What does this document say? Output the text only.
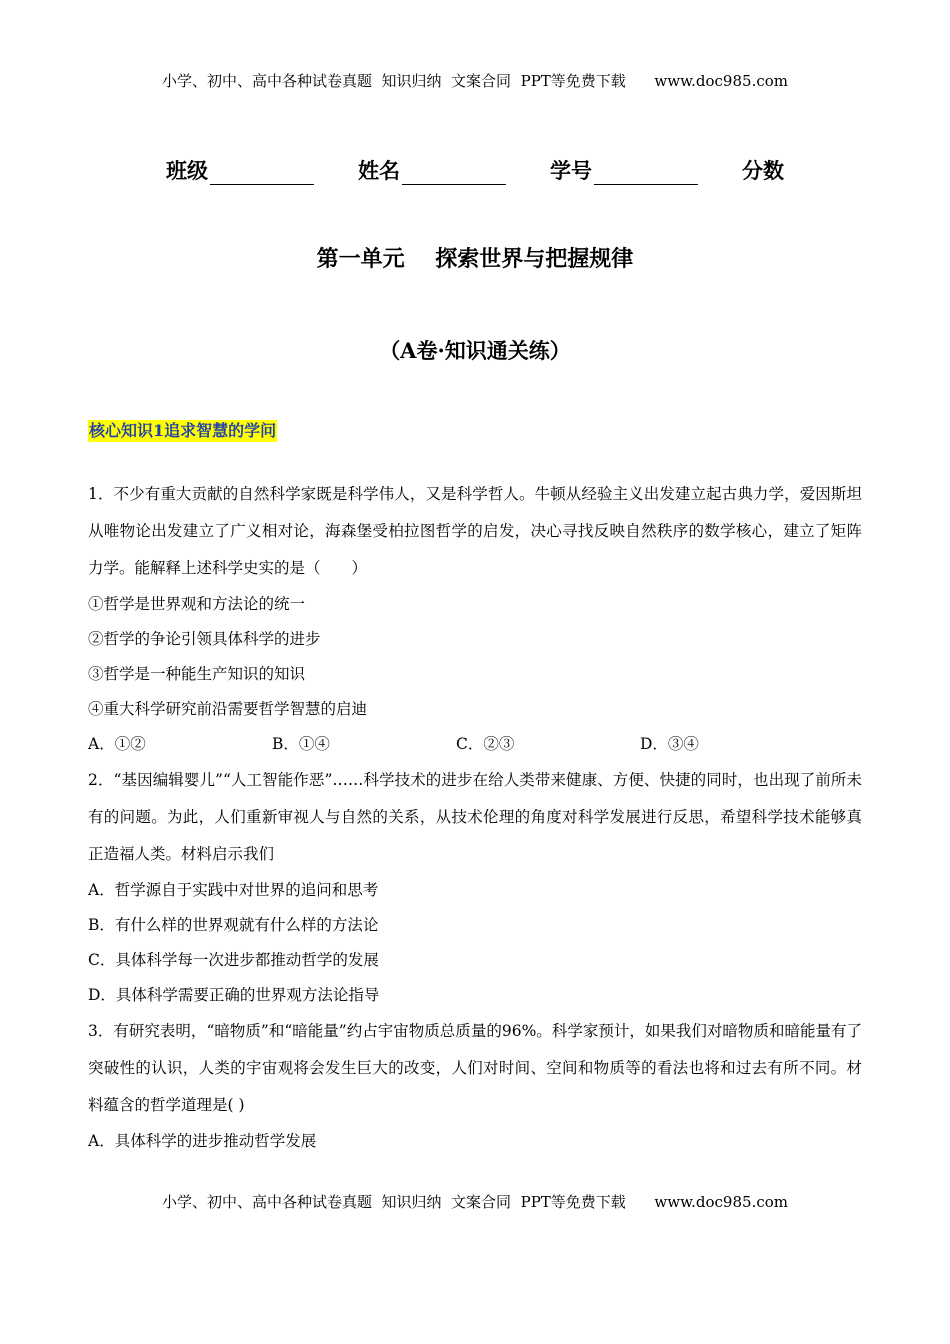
小学、初中、高中各种试卷真题  知识归纳  文案合同  PPT等免费下载      www.doc985.com
班级	姓名	学号	分数
第一单元    探索世界与把握规律
（A卷·知识通关练）
核心知识1追求智慧的学问

1．不少有重大贡献的自然科学家既是科学伟人，又是科学哲人。牛顿从经验主义出发建立起古典力学，爱因斯坦从唯物论出发建立了广义相对论，海森堡受柏拉图哲学的启发，决心寻找反映自然秩序的数学核心，建立了矩阵力学。能解释上述科学史实的是（　　）

①哲学是世界观和方法论的统一

②哲学的争论引领具体科学的进步

③哲学是一种能生产知识的知识

④重大科学研究前沿需要哲学智慧的启迪

A．①②	B．①④	C．②③	D．③④

2．“基因编辑婴儿”“人工智能作恶”……科学技术的进步在给人类带来健康、方便、快捷的同时，也出现了前所未有的问题。为此，人们重新审视人与自然的关系，从技术伦理的角度对科学发展进行反思，希望科学技术能够真正造福人类。材料启示我们

A．哲学源自于实践中对世界的追问和思考

B．有什么样的世界观就有什么样的方法论

C．具体科学每一次进步都推动哲学的发展

D．具体科学需要正确的世界观方法论指导

3．有研究表明，“暗物质”和“暗能量”约占宇宙物质总质量的96%。科学家预计，如果我们对暗物质和暗能量有了突破性的认识，人类的宇宙观将会发生巨大的改变，人们对时间、空间和物质等的看法也将和过去有所不同。材料蕴含的哲学道理是( )

A．具体科学的进步推动哲学发展

小学、初中、高中各种试卷真题  知识归纳  文案合同  PPT等免费下载      www.doc985.com
